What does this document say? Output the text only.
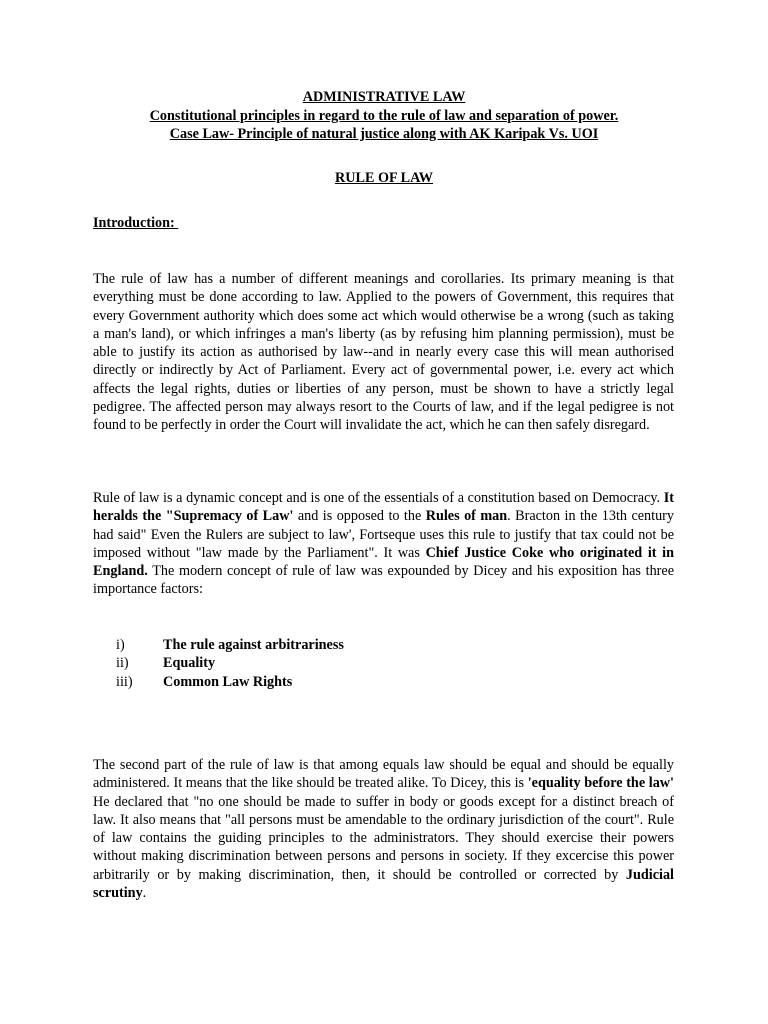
ADMINISTRATIVE LAW
Constitutional principles in regard to the rule of law and separation of power.
Case Law- Principle of natural justice along with AK Karipak Vs. UOI
RULE OF LAW
Introduction:

The rule of law has a number of different meanings and corollaries. Its primary meaning is that everything must be done according to law. Applied to the powers of Government, this requires that every Government authority which does some act which would otherwise be a wrong (such as taking a man's land), or which infringes a man's liberty (as by refusing him planning permission), must be able to justify its action as authorised by law--and in nearly every case this will mean authorised directly or indirectly by Act of Parliament. Every act of governmental power, i.e. every act which affects the legal rights, duties or liberties of any person, must be shown to have a strictly legal pedigree. The affected person may always resort to the Courts of law, and if the legal pedigree is not found to be perfectly in order the Court will invalidate the act, which he can then safely disregard.

Rule of law is a dynamic concept and is one of the essentials of a constitution based on Democracy. It heralds the "Supremacy of Law' and is opposed to the Rules of man. Bracton in the 13th century had said" Even the Rulers are subject to law', Fortseque uses this rule to justify that tax could not be imposed without "law made by the Parliament". It was Chief Justice Coke who originated it in England. The modern concept of rule of law was expounded by Dicey and his exposition has three importance factors:

i)	The rule against arbitrariness
ii)	Equality
iii)	Common Law Rights

The second part of the rule of law is that among equals law should be equal and should be equally administered. It means that the like should be treated alike. To Dicey, this is 'equality before the law' He declared that "no one should be made to suffer in body or goods except for a distinct breach of law. It also means that "all persons must be amendable to the ordinary jurisdiction of the court". Rule of law contains the guiding principles to the administrators. They should exercise their powers without making discrimination between persons and persons in society. If they excercise this power arbitrarily or by making discrimination, then, it should be controlled or corrected by Judicial scrutiny.
